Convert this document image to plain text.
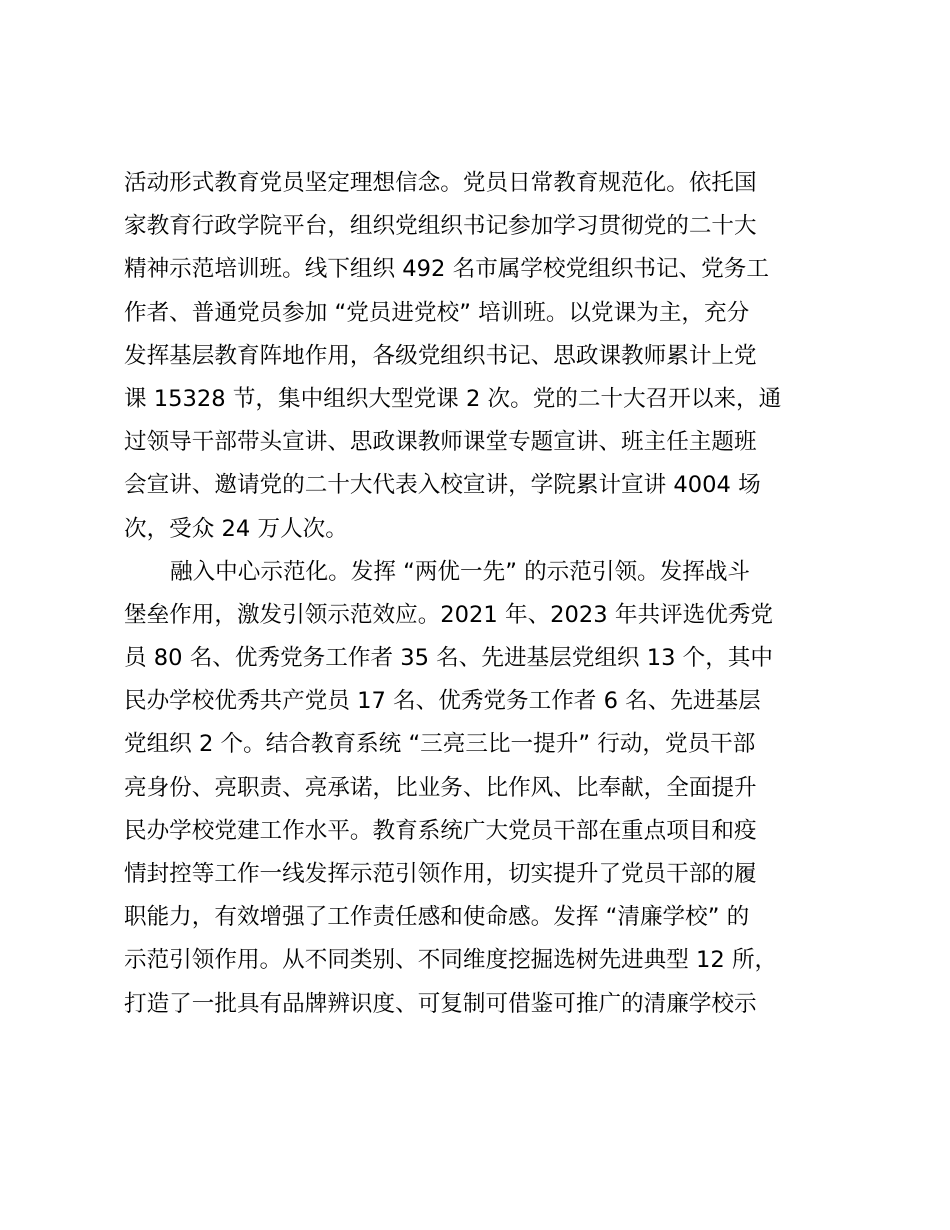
活动形式教育党员坚定理想信念。党员日常教育规范化。依托国
家教育行政学院平台，组织党组织书记参加学习贯彻党的二十大
精神示范培训班。线下组织 492 名市属学校党组织书记、党务工
作者、普通党员参加 “党员进党校” 培训班。以党课为主，充分
发挥基层教育阵地作用，各级党组织书记、思政课教师累计上党
课 15328 节，集中组织大型党课 2 次。党的二十大召开以来，通
过领导干部带头宣讲、思政课教师课堂专题宣讲、班主任主题班
会宣讲、邀请党的二十大代表入校宣讲，学院累计宣讲 4004 场
次，受众 24 万人次。
融入中心示范化。发挥 “两优一先” 的示范引领。发挥战斗
堡垒作用，激发引领示范效应。2021 年、2023 年共评选优秀党
员 80 名、优秀党务工作者 35 名、先进基层党组织 13 个，其中
民办学校优秀共产党员 17 名、优秀党务工作者 6 名、先进基层
党组织 2 个。结合教育系统 “三亮三比一提升” 行动，党员干部
亮身份、亮职责、亮承诺，比业务、比作风、比奉献，全面提升
民办学校党建工作水平。教育系统广大党员干部在重点项目和疫
情封控等工作一线发挥示范引领作用，切实提升了党员干部的履
职能力，有效增强了工作责任感和使命感。发挥 “清廉学校” 的
示范引领作用。从不同类别、不同维度挖掘选树先进典型 12 所，
打造了一批具有品牌辨识度、可复制可借鉴可推广的清廉学校示
